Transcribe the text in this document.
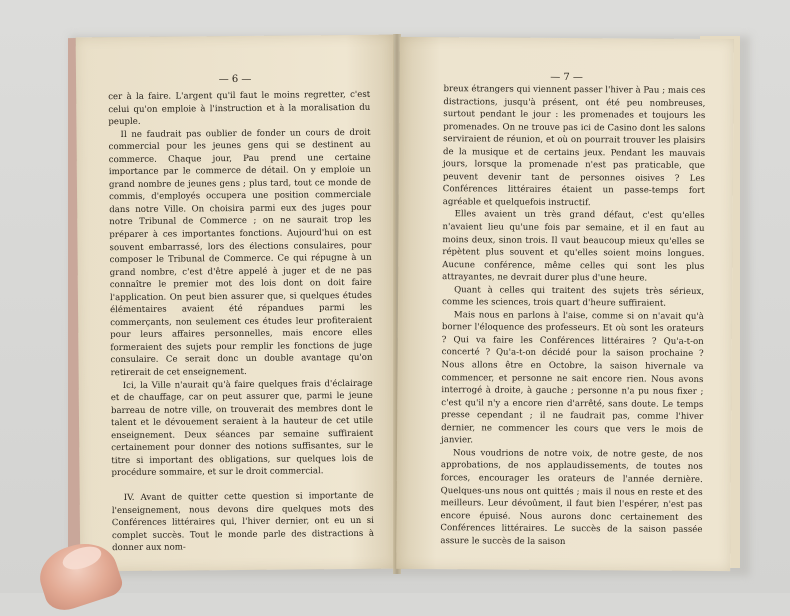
— 6 —

cer à la faire. L'argent qu'il faut le moins regretter, c'est celui qu'on emploie à l'instruction et à la moralisation du peuple.

Il ne faudrait pas oublier de fonder un cours de droit commercial pour les jeunes gens qui se destinent au commerce. Chaque jour, Pau prend une certaine importance par le commerce de détail. On y emploie un grand nombre de jeunes gens ; plus tard, tout ce monde de commis, d'employés occupera une position commerciale dans notre Ville. On choisira parmi eux des juges pour notre Tribunal de Commerce ; on ne saurait trop les préparer à ces importantes fonctions. Aujourd'hui on est souvent embarrassé, lors des élections consulaires, pour composer le Tribunal de Commerce. Ce qui répugne à un grand nombre, c'est d'être appelé à juger et de ne pas connaître le premier mot des lois dont on doit faire l'application. On peut bien assurer que, si quelques études élémentaires avaient été répandues parmi les commerçants, non seulement ces études leur profiteraient pour leurs affaires personnelles, mais encore elles formeraient des sujets pour remplir les fonctions de juge consulaire. Ce serait donc un double avantage qu'on retirerait de cet enseignement.

Ici, la Ville n'aurait qu'à faire quelques frais d'éclairage et de chauffage, car on peut assurer que, parmi le jeune barreau de notre ville, on trouverait des membres dont le talent et le dévouement seraient à la hauteur de cet utile enseignement. Deux séances par semaine suffiraient certainement pour donner des notions suffisantes, sur le titre si important des obligations, sur quelques lois de procédure sommaire, et sur le droit commercial.

IV. Avant de quitter cette question si importante de l'enseignement, nous devons dire quelques mots des Conférences littéraires qui, l'hiver dernier, ont eu un si complet succès. Tout le monde parle des distractions à donner aux nom-

— 7 —

breux étrangers qui viennent passer l'hiver à Pau ; mais ces distractions, jusqu'à présent, ont été peu nombreuses, surtout pendant le jour : les promenades et toujours les promenades. On ne trouve pas ici de Casino dont les salons serviraient de réunion, et où on pourrait trouver les plaisirs de la musique et de certains jeux. Pendant les mauvais jours, lorsque la promenade n'est pas praticable, que peuvent devenir tant de personnes oisives ? Les Conférences littéraires étaient un passe-temps fort agréable et quelquefois instructif.

Elles avaient un très grand défaut, c'est qu'elles n'avaient lieu qu'une fois par semaine, et il en faut au moins deux, sinon trois. Il vaut beaucoup mieux qu'elles se répètent plus souvent et qu'elles soient moins longues. Aucune conférence, même celles qui sont les plus attrayantes, ne devrait durer plus d'une heure.

Quant à celles qui traitent des sujets très sérieux, comme les sciences, trois quart d'heure suffiraient.

Mais nous en parlons à l'aise, comme si on n'avait qu'à borner l'éloquence des professeurs. Et où sont les orateurs ? Qui va faire les Conférences littéraires ? Qu'a-t-on concerté ? Qu'a-t-on décidé pour la saison prochaine ? Nous allons être en Octobre, la saison hivernale va commencer, et personne ne sait encore rien. Nous avons interrogé à droite, à gauche ; personne n'a pu nous fixer ; c'est qu'il n'y a encore rien d'arrêté, sans doute. Le temps presse cependant ; il ne faudrait pas, comme l'hiver dernier, ne commencer les cours que vers le mois de janvier.

Nous voudrions de notre voix, de notre geste, de nos approbations, de nos applaudissements, de toutes nos forces, encourager les orateurs de l'année dernière. Quelques-uns nous ont quittés ; mais il nous en reste et des meilleurs. Leur dévoûment, il faut bien l'espérer, n'est pas encore épuisé. Nous aurons donc certainement des Conférences littéraires. Le succès de la saison passée assure le succès de la saison
